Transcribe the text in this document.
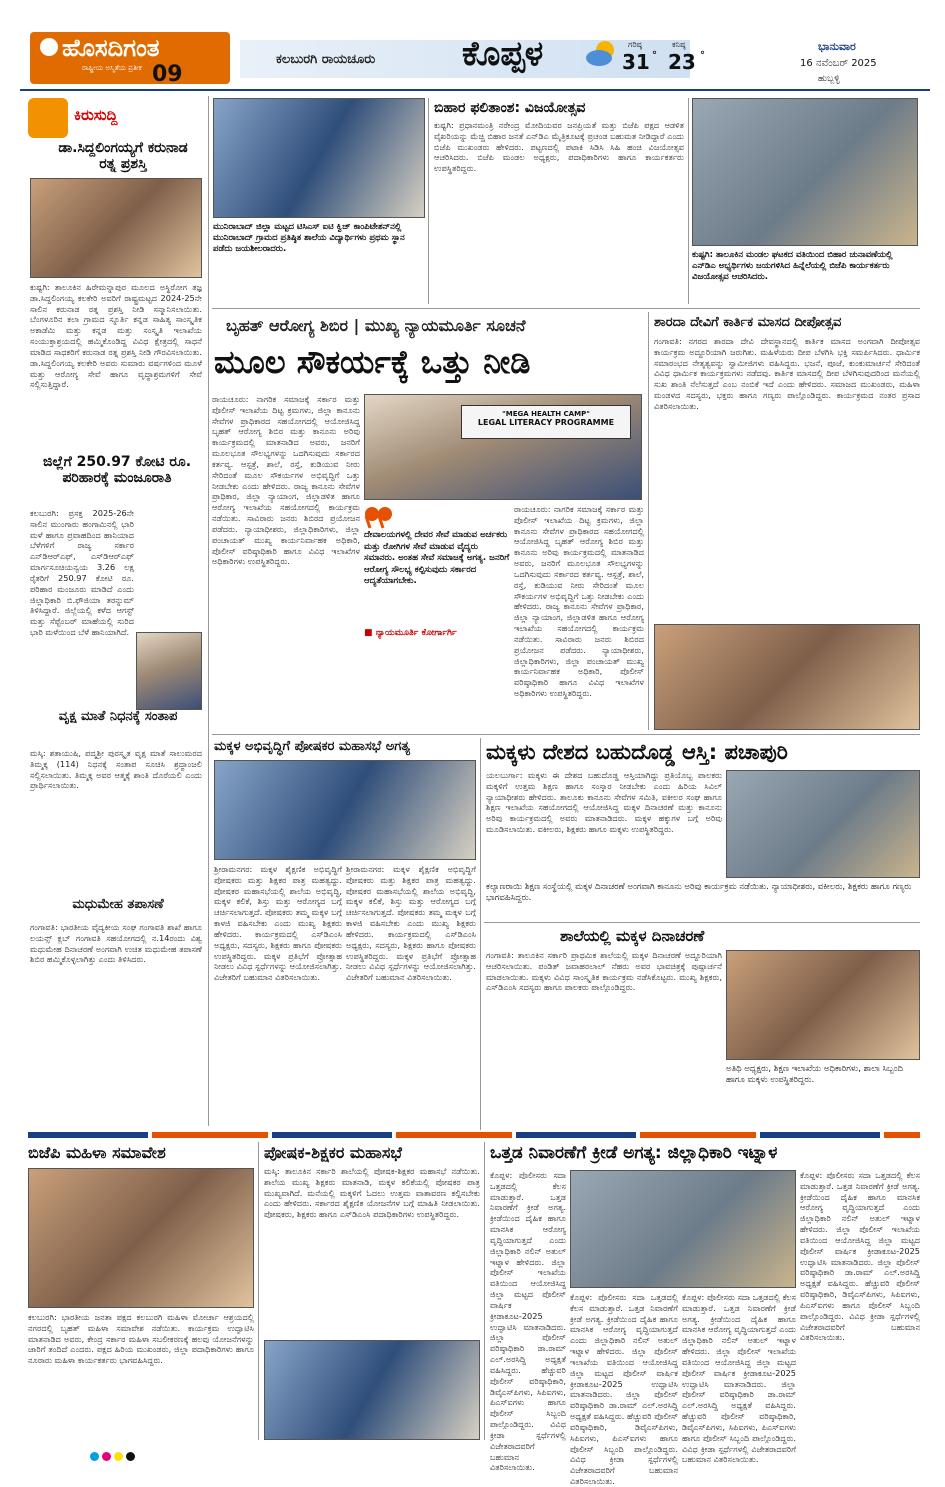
ಹೊಸದಿಗಂತ
ರಾಷ್ಟ್ರೀಯ ಅಸ್ಮಿತೆಯ ಪ್ರತೀಕ 09
ಕಲಬುರಗಿ ರಾಯಚೂರು	ಕೊಪ್ಪಳ	ಗರಿಷ್ಠ
31 °
ಕನಿಷ್ಠ
23 °
ಭಾನುವಾರ
16 ನವೆಂಬರ್ 2025
ಹುಬ್ಬಳ್ಳಿ
ಕಿರುಸುದ್ದಿ
ಡಾ.ಸಿದ್ದಲಿಂಗಯ್ಯಗೆ ಕರುನಾಡ ರತ್ನ ಪ್ರಶಸ್ತಿ
ಕುಷ್ಟಗಿ: ತಾಲೂಕಿನ ಹಿರೇಮನ್ನಾಪುರ ಮೂಲದ ಅಸ್ಥಿರೋಗ ತಜ್ಞ ಡಾ.ಸಿದ್ದಲಿಂಗಯ್ಯ ಕಲಕೇರಿ ಅವರಿಗೆ ರಾಷ್ಟ್ರಮಟ್ಟದ 2024-25ನೇ ಸಾಲಿನ ಕರುನಾಡ ರತ್ನ ಪ್ರಶಸ್ತಿ ನೀಡಿ ಸನ್ಮಾನಿಸಲಾಯಿತು. ಬೆಂಗಳೂರಿನ ಕಲಾ ಗ್ರಾಮದ ಸ್ನೂರ್ತಿ ಕನ್ನಡ ಸಾಹಿತ್ಯ ಸಾಂಸ್ಕೃತಿಕ ಅಕಾಡೆಮಿ ಮತ್ತು ಕನ್ನಡ ಮತ್ತು ಸಂಸ್ಕೃತಿ ಇಲಾಖೆಯ ಸಂಯುಕ್ತಾಶ್ರಯದಲ್ಲಿ ಹಮ್ಮಿಕೊಂಡಿದ್ದ ವಿವಿಧ ಕ್ಷೇತ್ರದಲ್ಲಿ ಸಾಧನೆ ಮಾಡಿದ ಸಾಧಕರಿಗೆ ಕರುನಾಡ ರತ್ನ ಪ್ರಶಸ್ತಿ ನೀಡಿ ಗೌರವಿಸಲಾಯಿತು. ಡಾ.ಸಿದ್ದಲಿಂಗಯ್ಯ ಕಲಕೇರಿ ಅವರು ಸುಮಾರು ವರ್ಷಗಳಿಂದ ಮೂಳೆ ಮತ್ತು ಆರೋಗ್ಯ ಸೇವೆ ಹಾಗೂ ವೃದ್ಧಾಶ್ರಮಗಳಿಗೆ ಸೇವೆ ಸಲ್ಲಿಸುತ್ತಿದ್ದಾರೆ.
ಜಿಲ್ಲೆಗೆ 250.97 ಕೋಟಿ ರೂ. ಪರಿಹಾರಕ್ಕೆ ಮಂಜೂರಾತಿ
ಕಲಬುರಗಿ: ಪ್ರಸಕ್ತ 2025-26ನೇ ಸಾಲಿನ ಮುಂಗಾರು ಹಂಗಾಮಿನಲ್ಲಿ ಭಾರಿ ಮಳೆ ಹಾಗೂ ಪ್ರವಾಹದಿಂದ ಹಾನಿಯಾದ ಬೆಳೆಗಳಿಗೆ ರಾಜ್ಯ ಸರ್ಕಾರ ಎನ್‌ಡಿಆರ್‌ಎಫ್, ಎಸ್‌ಡಿಆರ್‌ಎಫ್ ಮಾರ್ಗಸೂಚಿಯನ್ವಯ 3.26 ಲಕ್ಷ ರೈತರಿಗೆ 250.97 ಕೋಟಿ ರೂ. ಪರಿಹಾರ ಮಂಜೂರು ಮಾಡಿದೆ ಎಂದು ಜಿಲ್ಲಾಧಿಕಾರಿ ಬಿ.ಫೌಜಿಯಾ ತರನ್ನುಮ್ ತಿಳಿಸಿದ್ದಾರೆ. ಜಿಲ್ಲೆಯಲ್ಲಿ ಕಳೆದ ಆಗಸ್ಟ್ ಮತ್ತು ಸೆಪ್ಟೆಂಬರ್ ಮಾಹೆಯಲ್ಲಿ ಸುರಿದ ಭಾರಿ ಮಳೆಯಿಂದ ಬೆಳೆ ಹಾನಿಯಾಗಿದೆ.
ವೃಕ್ಷ ಮಾತೆ ನಿಧನಕ್ಕೆ ಸಂತಾಪ
ಮಸ್ಕಿ: ಶತಾಯುಷಿ, ಪದ್ಮಶ್ರೀ ಪುರಸ್ಕೃತ ವೃಕ್ಷ ಮಾತೆ ಸಾಲುಮರದ ತಿಮ್ಮಕ್ಕ (114) ನಿಧನಕ್ಕೆ ಸಂತಾಪ ಸೂಚಿಸಿ ಶ್ರದ್ಧಾಂಜಲಿ ಸಲ್ಲಿಸಲಾಯಿತು. ತಿಮ್ಮಕ್ಕ ಅವರ ಆತ್ಮಕ್ಕೆ ಶಾಂತಿ ದೊರೆಯಲಿ ಎಂದು ಪ್ರಾರ್ಥಿಸಲಾಯಿತು.
ಮಧುಮೇಹ ತಪಾಸಣೆ
ಗಂಗಾವತಿ: ಭಾರತೀಯ ವೈದ್ಯಕೀಯ ಸಂಘ ಗಂಗಾವತಿ ಶಾಖೆ ಹಾಗೂ ಲಯನ್ಸ್ ಕ್ಲಬ್ ಗಂಗಾವತಿ ಸಹಯೋಗದಲ್ಲಿ ನ.14ರಂದು ವಿಶ್ವ ಮಧುಮೇಹ ದಿನಾಚರಣೆ ಅಂಗವಾಗಿ ಉಚಿತ ಮಧುಮೇಹ ತಪಾಸಣೆ ಶಿಬಿರ ಹಮ್ಮಿಕೊಳ್ಳಲಾಗಿತ್ತು ಎಂದು ತಿಳಿಸಿದರು.
ಮುನಿರಾಬಾದ್ ಜಿಲ್ಲಾ ಮಟ್ಟದ ಟಿಸಿಎಸ್ ಐಟಿ ಕ್ವಿಜ್ ಕಾಂಪಿಟೇಶನ್‌ನಲ್ಲಿ ಮುನಿರಾಬಾದ್ ಗ್ರಾಮದ ಪ್ರತಿಷ್ಠಿತ ಶಾಲೆಯ ವಿದ್ಯಾರ್ಥಿಗಳು ಪ್ರಥಮ ಸ್ಥಾನ ಪಡೆದು ಜಯಶೀಲರಾದರು.
ಬಿಹಾರ ಫಲಿತಾಂಶ: ವಿಜಯೋತ್ಸವ
ಕುಷ್ಟಗಿ: ಪ್ರಧಾನಮಂತ್ರಿ ನರೇಂದ್ರ ಮೋದಿಯವರ ಜನಪ್ರಿಯತೆ ಮತ್ತು ಬಿಜೆಪಿ ಪಕ್ಷದ ಆಡಳಿತ ವೈಖರಿಯನ್ನು ಮೆಚ್ಚಿ ಬಿಹಾರ ಜನತೆ ಎನ್‌ಡಿಎ ಮೈತ್ರಿಕೂಟಕ್ಕೆ ಪ್ರಚಂಡ ಬಹುಮತ ನೀಡಿದ್ದಾರೆ ಎಂದು ಬಿಜೆಪಿ ಮುಖಂಡರು ಹೇಳಿದರು. ಪಟ್ಟಣದಲ್ಲಿ ಪಟಾಕಿ ಸಿಡಿಸಿ ಸಿಹಿ ಹಂಚಿ ವಿಜಯೋತ್ಸವ ಆಚರಿಸಿದರು. ಬಿಜೆಪಿ ಮಂಡಲ ಅಧ್ಯಕ್ಷರು, ಪದಾಧಿಕಾರಿಗಳು ಹಾಗೂ ಕಾರ್ಯಕರ್ತರು ಉಪಸ್ಥಿತರಿದ್ದರು.
ಕುಷ್ಟಗಿ: ತಾಲೂಕಿನ ಮಂಡಲ ಘಟಕದ ವತಿಯಿಂದ ಬಿಹಾರ ಚುನಾವಣೆಯಲ್ಲಿ ಎನ್‌ಡಿಎ ಅಭ್ಯರ್ಥಿಗಳು ಜಯಗಳಿಸಿದ ಹಿನ್ನೆಲೆಯಲ್ಲಿ ಬಿಜೆಪಿ ಕಾರ್ಯಕರ್ತರು ವಿಜಯೋತ್ಸವ ಆಚರಿಸಿದರು.
ಬೃಹತ್ ಆರೋಗ್ಯ ಶಿಬಿರ | ಮುಖ್ಯ ನ್ಯಾಯಮೂರ್ತಿ ಸೂಚನೆ
ಮೂಲ ಸೌಕರ್ಯಕ್ಕೆ ಒತ್ತು ನೀಡಿ
ರಾಯಚೂರು: ನಾಗರಿಕ ಸಮಾಜಕ್ಕೆ ಸರ್ಕಾರ ಮತ್ತು ಪೊಲೀಸ್ ಇಲಾಖೆಯ ದಿಟ್ಟ ಕ್ರಮಗಳು, ಜಿಲ್ಲಾ ಕಾನೂನು ಸೇವೆಗಳ ಪ್ರಾಧಿಕಾರದ ಸಹಯೋಗದಲ್ಲಿ ಆಯೋಜಿಸಿದ್ದ ಬೃಹತ್ ಆರೋಗ್ಯ ಶಿಬಿರ ಮತ್ತು ಕಾನೂನು ಅರಿವು ಕಾರ್ಯಕ್ರಮದಲ್ಲಿ ಮಾತನಾಡಿದ ಅವರು, ಜನರಿಗೆ ಮೂಲಭೂತ ಸೌಲಭ್ಯಗಳನ್ನು ಒದಗಿಸುವುದು ಸರ್ಕಾರದ ಕರ್ತವ್ಯ. ಆಸ್ಪತ್ರೆ, ಶಾಲೆ, ರಸ್ತೆ, ಕುಡಿಯುವ ನೀರು ಸೇರಿದಂತೆ ಮೂಲ ಸೌಕರ್ಯಗಳ ಅಭಿವೃದ್ಧಿಗೆ ಒತ್ತು ನೀಡಬೇಕು ಎಂದು ಹೇಳಿದರು. ರಾಜ್ಯ ಕಾನೂನು ಸೇವೆಗಳ ಪ್ರಾಧಿಕಾರ, ಜಿಲ್ಲಾ ನ್ಯಾಯಾಂಗ, ಜಿಲ್ಲಾಡಳಿತ ಹಾಗೂ ಆರೋಗ್ಯ ಇಲಾಖೆಯ ಸಹಯೋಗದಲ್ಲಿ ಕಾರ್ಯಕ್ರಮ ನಡೆಯಿತು. ಸಾವಿರಾರು ಜನರು ಶಿಬಿರದ ಪ್ರಯೋಜನ ಪಡೆದರು. ನ್ಯಾಯಾಧೀಶರು, ಜಿಲ್ಲಾಧಿಕಾರಿಗಳು, ಜಿಲ್ಲಾ ಪಂಚಾಯತ್ ಮುಖ್ಯ ಕಾರ್ಯನಿರ್ವಾಹಕ ಅಧಿಕಾರಿ, ಪೊಲೀಸ್ ವರಿಷ್ಠಾಧಿಕಾರಿ ಹಾಗೂ ವಿವಿಧ ಇಲಾಖೆಗಳ ಅಧಿಕಾರಿಗಳು ಉಪಸ್ಥಿತರಿದ್ದರು.
"MEGA HEALTH CAMP"
LEGAL LITERACY PROGRAMME
ದೇವಾಲಯಗಳಲ್ಲಿ ದೇವರ ಸೇವೆ ಮಾಡುವ ಅರ್ಚಕರು ಮತ್ತು ರೋಗಿಗಳ ಸೇವೆ ಮಾಡುವ ವೈದ್ಯರು ಸಮಾನರು. ಅಂತಹ ಸೇವೆ ಸಮಾಜಕ್ಕೆ ಅಗತ್ಯ. ಜನರಿಗೆ ಆರೋಗ್ಯ ಸೌಲಭ್ಯ ಕಲ್ಪಿಸುವುದು ಸರ್ಕಾರದ ಆದ್ಯತೆಯಾಗಬೇಕು.
■ ನ್ಯಾಯಮೂರ್ತಿ ಕೋರ್ಗಾರ್ಗಿ
ರಾಯಚೂರು: ನಾಗರಿಕ ಸಮಾಜಕ್ಕೆ ಸರ್ಕಾರ ಮತ್ತು ಪೊಲೀಸ್ ಇಲಾಖೆಯ ದಿಟ್ಟ ಕ್ರಮಗಳು, ಜಿಲ್ಲಾ ಕಾನೂನು ಸೇವೆಗಳ ಪ್ರಾಧಿಕಾರದ ಸಹಯೋಗದಲ್ಲಿ ಆಯೋಜಿಸಿದ್ದ ಬೃಹತ್ ಆರೋಗ್ಯ ಶಿಬಿರ ಮತ್ತು ಕಾನೂನು ಅರಿವು ಕಾರ್ಯಕ್ರಮದಲ್ಲಿ ಮಾತನಾಡಿದ ಅವರು, ಜನರಿಗೆ ಮೂಲಭೂತ ಸೌಲಭ್ಯಗಳನ್ನು ಒದಗಿಸುವುದು ಸರ್ಕಾರದ ಕರ್ತವ್ಯ. ಆಸ್ಪತ್ರೆ, ಶಾಲೆ, ರಸ್ತೆ, ಕುಡಿಯುವ ನೀರು ಸೇರಿದಂತೆ ಮೂಲ ಸೌಕರ್ಯಗಳ ಅಭಿವೃದ್ಧಿಗೆ ಒತ್ತು ನೀಡಬೇಕು ಎಂದು ಹೇಳಿದರು. ರಾಜ್ಯ ಕಾನೂನು ಸೇವೆಗಳ ಪ್ರಾಧಿಕಾರ, ಜಿಲ್ಲಾ ನ್ಯಾಯಾಂಗ, ಜಿಲ್ಲಾಡಳಿತ ಹಾಗೂ ಆರೋಗ್ಯ ಇಲಾಖೆಯ ಸಹಯೋಗದಲ್ಲಿ ಕಾರ್ಯಕ್ರಮ ನಡೆಯಿತು. ಸಾವಿರಾರು ಜನರು ಶಿಬಿರದ ಪ್ರಯೋಜನ ಪಡೆದರು. ನ್ಯಾಯಾಧೀಶರು, ಜಿಲ್ಲಾಧಿಕಾರಿಗಳು, ಜಿಲ್ಲಾ ಪಂಚಾಯತ್ ಮುಖ್ಯ ಕಾರ್ಯನಿರ್ವಾಹಕ ಅಧಿಕಾರಿ, ಪೊಲೀಸ್ ವರಿಷ್ಠಾಧಿಕಾರಿ ಹಾಗೂ ವಿವಿಧ ಇಲಾಖೆಗಳ ಅಧಿಕಾರಿಗಳು ಉಪಸ್ಥಿತರಿದ್ದರು.
ಶಾರದಾ ದೇವಿಗೆ ಕಾರ್ತಿಕ ಮಾಸದ ದೀಪೋತ್ಸವ
ಗಂಗಾವತಿ: ನಗರದ ಶಾರದಾ ದೇವಿ ದೇವಸ್ಥಾನದಲ್ಲಿ ಕಾರ್ತಿಕ ಮಾಸದ ಅಂಗವಾಗಿ ದೀಪೋತ್ಸವ ಕಾರ್ಯಕ್ರಮ ಅದ್ದೂರಿಯಾಗಿ ಜರುಗಿತು. ಮಹಿಳೆಯರು ದೀಪ ಬೆಳಗಿಸಿ ಭಕ್ತಿ ಸಮರ್ಪಿಸಿದರು. ಧಾರ್ಮಿಕ ಸಮಾರಂಭದ ನೇತೃತ್ವವನ್ನು ಸ್ವಾಮೀಜಿಗಳು ವಹಿಸಿದ್ದರು. ಭಜನೆ, ಪೂಜೆ, ಕುಂಕುಮಾರ್ಚನೆ ಸೇರಿದಂತೆ ವಿವಿಧ ಧಾರ್ಮಿಕ ಕಾರ್ಯಕ್ರಮಗಳು ನಡೆದವು. ಕಾರ್ತಿಕ ಮಾಸದಲ್ಲಿ ದೀಪ ಬೆಳಗಿಸುವುದರಿಂದ ಮನೆಯಲ್ಲಿ ಸುಖ ಶಾಂತಿ ನೆಲೆಸುತ್ತದೆ ಎಂಬ ನಂಬಿಕೆ ಇದೆ ಎಂದು ಹೇಳಿದರು. ಸಮಾಜದ ಮುಖಂಡರು, ಮಹಿಳಾ ಮಂಡಳದ ಸದಸ್ಯರು, ಭಕ್ತರು ಹಾಗೂ ಗಣ್ಯರು ಪಾಲ್ಗೊಂಡಿದ್ದರು. ಕಾರ್ಯಕ್ರಮದ ನಂತರ ಪ್ರಸಾದ ವಿತರಿಸಲಾಯಿತು.
ಮಕ್ಕಳ ಅಭಿವೃದ್ಧಿಗೆ ಪೋಷಕರ ಮಹಾಸಭೆ ಅಗತ್ಯ
ಶ್ರೀರಾಮನಗರ: ಮಕ್ಕಳ ಶೈಕ್ಷಣಿಕ ಅಭಿವೃದ್ಧಿಗೆ ಪೋಷಕರು ಮತ್ತು ಶಿಕ್ಷಕರ ಪಾತ್ರ ಮಹತ್ವದ್ದು. ಪೋಷಕರ ಮಹಾಸಭೆಯಲ್ಲಿ ಶಾಲೆಯ ಅಭಿವೃದ್ಧಿ, ಮಕ್ಕಳ ಕಲಿಕೆ, ಶಿಸ್ತು ಮತ್ತು ಆರೋಗ್ಯದ ಬಗ್ಗೆ ಚರ್ಚಿಸಲಾಗುತ್ತದೆ. ಪೋಷಕರು ತಮ್ಮ ಮಕ್ಕಳ ಬಗ್ಗೆ ಕಾಳಜಿ ವಹಿಸಬೇಕು ಎಂದು ಮುಖ್ಯ ಶಿಕ್ಷಕರು ಹೇಳಿದರು. ಕಾರ್ಯಕ್ರಮದಲ್ಲಿ ಎಸ್‌ಡಿಎಂಸಿ ಅಧ್ಯಕ್ಷರು, ಸದಸ್ಯರು, ಶಿಕ್ಷಕರು ಹಾಗೂ ಪೋಷಕರು ಉಪಸ್ಥಿತರಿದ್ದರು. ಮಕ್ಕಳ ಪ್ರತಿಭೆಗೆ ಪ್ರೋತ್ಸಾಹ ನೀಡಲು ವಿವಿಧ ಸ್ಪರ್ಧೆಗಳನ್ನು ಆಯೋಜಿಸಲಾಗಿತ್ತು. ವಿಜೇತರಿಗೆ ಬಹುಮಾನ ವಿತರಿಸಲಾಯಿತು.
ಶ್ರೀರಾಮನಗರ: ಮಕ್ಕಳ ಶೈಕ್ಷಣಿಕ ಅಭಿವೃದ್ಧಿಗೆ ಪೋಷಕರು ಮತ್ತು ಶಿಕ್ಷಕರ ಪಾತ್ರ ಮಹತ್ವದ್ದು. ಪೋಷಕರ ಮಹಾಸಭೆಯಲ್ಲಿ ಶಾಲೆಯ ಅಭಿವೃದ್ಧಿ, ಮಕ್ಕಳ ಕಲಿಕೆ, ಶಿಸ್ತು ಮತ್ತು ಆರೋಗ್ಯದ ಬಗ್ಗೆ ಚರ್ಚಿಸಲಾಗುತ್ತದೆ. ಪೋಷಕರು ತಮ್ಮ ಮಕ್ಕಳ ಬಗ್ಗೆ ಕಾಳಜಿ ವಹಿಸಬೇಕು ಎಂದು ಮುಖ್ಯ ಶಿಕ್ಷಕರು ಹೇಳಿದರು. ಕಾರ್ಯಕ್ರಮದಲ್ಲಿ ಎಸ್‌ಡಿಎಂಸಿ ಅಧ್ಯಕ್ಷರು, ಸದಸ್ಯರು, ಶಿಕ್ಷಕರು ಹಾಗೂ ಪೋಷಕರು ಉಪಸ್ಥಿತರಿದ್ದರು. ಮಕ್ಕಳ ಪ್ರತಿಭೆಗೆ ಪ್ರೋತ್ಸಾಹ ನೀಡಲು ವಿವಿಧ ಸ್ಪರ್ಧೆಗಳನ್ನು ಆಯೋಜಿಸಲಾಗಿತ್ತು. ವಿಜೇತರಿಗೆ ಬಹುಮಾನ ವಿತರಿಸಲಾಯಿತು.
ಮಕ್ಕಳು ದೇಶದ ಬಹುದೊಡ್ಡ ಆಸ್ತಿ: ಪಚಾಪುರಿ
ಯಲಬುರ್ಗಾ: ಮಕ್ಕಳು ಈ ದೇಶದ ಬಹುದೊಡ್ಡ ಆಸ್ತಿಯಾಗಿದ್ದು ಪ್ರತಿಯೊಬ್ಬ ಪಾಲಕರು ಮಕ್ಕಳಿಗೆ ಉತ್ತಮ ಶಿಕ್ಷಣ ಹಾಗೂ ಸಂಸ್ಕಾರ ನೀಡಬೇಕು ಎಂದು ಹಿರಿಯ ಸಿವಿಲ್ ನ್ಯಾಯಾಧೀಶರು ಹೇಳಿದರು. ತಾಲೂಕು ಕಾನೂನು ಸೇವೆಗಳ ಸಮಿತಿ, ವಕೀಲರ ಸಂಘ ಹಾಗೂ ಶಿಕ್ಷಣ ಇಲಾಖೆಯ ಸಹಯೋಗದಲ್ಲಿ ಆಯೋಜಿಸಿದ್ದ ಮಕ್ಕಳ ದಿನಾಚರಣೆ ಮತ್ತು ಕಾನೂನು ಅರಿವು ಕಾರ್ಯಕ್ರಮದಲ್ಲಿ ಅವರು ಮಾತನಾಡಿದರು. ಮಕ್ಕಳ ಹಕ್ಕುಗಳ ಬಗ್ಗೆ ಅರಿವು ಮೂಡಿಸಲಾಯಿತು. ವಕೀಲರು, ಶಿಕ್ಷಕರು ಹಾಗೂ ಮಕ್ಕಳು ಉಪಸ್ಥಿತರಿದ್ದರು.
ಕಲ್ಯಾಣರಾಯಿ ಶಿಕ್ಷಣ ಸಂಸ್ಥೆಯಲ್ಲಿ ಮಕ್ಕಳ ದಿನಾಚರಣೆ ಅಂಗವಾಗಿ ಕಾನೂನು ಅರಿವು ಕಾರ್ಯಕ್ರಮ ನಡೆಯಿತು. ನ್ಯಾಯಾಧೀಶರು, ವಕೀಲರು, ಶಿಕ್ಷಕರು ಹಾಗೂ ಗಣ್ಯರು ಭಾಗವಹಿಸಿದ್ದರು.
ಶಾಲೆಯಲ್ಲಿ ಮಕ್ಕಳ ದಿನಾಚರಣೆ
ಗಂಗಾವತಿ: ತಾಲೂಕಿನ ಸರ್ಕಾರಿ ಪ್ರಾಥಮಿಕ ಶಾಲೆಯಲ್ಲಿ ಮಕ್ಕಳ ದಿನಾಚರಣೆ ಅದ್ದೂರಿಯಾಗಿ ಆಚರಿಸಲಾಯಿತು. ಪಂಡಿತ್ ಜವಾಹರಲಾಲ್ ನೆಹರು ಅವರ ಭಾವಚಿತ್ರಕ್ಕೆ ಪುಷ್ಪಾರ್ಚನೆ ಮಾಡಲಾಯಿತು. ಮಕ್ಕಳು ವಿವಿಧ ಸಾಂಸ್ಕೃತಿಕ ಕಾರ್ಯಕ್ರಮ ನಡೆಸಿಕೊಟ್ಟರು. ಮುಖ್ಯ ಶಿಕ್ಷಕರು, ಎಸ್‌ಡಿಎಂಸಿ ಸದಸ್ಯರು ಹಾಗೂ ಪಾಲಕರು ಪಾಲ್ಗೊಂಡಿದ್ದರು.
ಅತಿಥಿ ಅಧ್ಯಕ್ಷರು, ಶಿಕ್ಷಣ ಇಲಾಖೆಯ ಅಧಿಕಾರಿಗಳು, ಶಾಲಾ ಸಿಬ್ಬಂದಿ ಹಾಗೂ ಮಕ್ಕಳು ಉಪಸ್ಥಿತರಿದ್ದರು.
ಬಿಜೆಪಿ ಮಹಿಳಾ ಸಮಾವೇಶ
ಕಲಬುರಗಿ: ಭಾರತೀಯ ಜನತಾ ಪಕ್ಷದ ಕಲಬುರಗಿ ಮಹಿಳಾ ಮೋರ್ಚಾ ಆಶ್ರಯದಲ್ಲಿ ನಗರದಲ್ಲಿ ಬೃಹತ್ ಮಹಿಳಾ ಸಮಾವೇಶ ನಡೆಯಿತು. ಕಾರ್ಯಕ್ರಮ ಉದ್ಘಾಟಿಸಿ ಮಾತನಾಡಿದ ಅವರು, ಕೇಂದ್ರ ಸರ್ಕಾರ ಮಹಿಳಾ ಸಬಲೀಕರಣಕ್ಕೆ ಹಲವು ಯೋಜನೆಗಳನ್ನು ಜಾರಿಗೆ ತಂದಿದೆ ಎಂದರು. ಪಕ್ಷದ ಹಿರಿಯ ಮುಖಂಡರು, ಜಿಲ್ಲಾ ಪದಾಧಿಕಾರಿಗಳು ಹಾಗೂ ನೂರಾರು ಮಹಿಳಾ ಕಾರ್ಯಕರ್ತರು ಭಾಗವಹಿಸಿದ್ದರು.
ಪೋಷಕ-ಶಿಕ್ಷಕರ ಮಹಾಸಭೆ
ಮಸ್ಕಿ: ತಾಲೂಕಿನ ಸರ್ಕಾರಿ ಶಾಲೆಯಲ್ಲಿ ಪೋಷಕ-ಶಿಕ್ಷಕರ ಮಹಾಸಭೆ ನಡೆಯಿತು. ಶಾಲೆಯ ಮುಖ್ಯ ಶಿಕ್ಷಕರು ಮಾತನಾಡಿ, ಮಕ್ಕಳ ಕಲಿಕೆಯಲ್ಲಿ ಪೋಷಕರ ಪಾತ್ರ ಮುಖ್ಯವಾಗಿದೆ. ಮನೆಯಲ್ಲಿ ಮಕ್ಕಳಿಗೆ ಓದಲು ಉತ್ತಮ ವಾತಾವರಣ ಕಲ್ಪಿಸಬೇಕು ಎಂದು ಹೇಳಿದರು. ಸರ್ಕಾರದ ಶೈಕ್ಷಣಿಕ ಯೋಜನೆಗಳ ಬಗ್ಗೆ ಮಾಹಿತಿ ನೀಡಲಾಯಿತು. ಪೋಷಕರು, ಶಿಕ್ಷಕರು ಹಾಗೂ ಎಸ್‌ಡಿಎಂಸಿ ಪದಾಧಿಕಾರಿಗಳು ಉಪಸ್ಥಿತರಿದ್ದರು.
ಒತ್ತಡ ನಿವಾರಣೆಗೆ ಕ್ರೀಡೆ ಅಗತ್ಯ: ಜಿಲ್ಲಾಧಿಕಾರಿ ಇಟ್ನಾಳ
ಕೊಪ್ಪಳ: ಪೊಲೀಸರು ಸದಾ ಒತ್ತಡದಲ್ಲಿ ಕೆಲಸ ಮಾಡುತ್ತಾರೆ. ಒತ್ತಡ ನಿವಾರಣೆಗೆ ಕ್ರೀಡೆ ಅಗತ್ಯ. ಕ್ರೀಡೆಯಿಂದ ದೈಹಿಕ ಹಾಗೂ ಮಾನಸಿಕ ಆರೋಗ್ಯ ವೃದ್ಧಿಯಾಗುತ್ತದೆ ಎಂದು ಜಿಲ್ಲಾಧಿಕಾರಿ ನಲಿನ್ ಅತುಲ್ ಇಟ್ನಾಳ ಹೇಳಿದರು. ಜಿಲ್ಲಾ ಪೊಲೀಸ್ ಇಲಾಖೆಯ ವತಿಯಿಂದ ಆಯೋಜಿಸಿದ್ದ ಜಿಲ್ಲಾ ಮಟ್ಟದ ಪೊಲೀಸ್ ವಾರ್ಷಿಕ ಕ್ರೀಡಾಕೂಟ-2025 ಉದ್ಘಾಟಿಸಿ ಮಾತನಾಡಿದರು. ಜಿಲ್ಲಾ ಪೊಲೀಸ್ ವರಿಷ್ಠಾಧಿಕಾರಿ ಡಾ.ರಾಮ್ ಎಲ್.ಅರಸಿದ್ದಿ ಅಧ್ಯಕ್ಷತೆ ವಹಿಸಿದ್ದರು. ಹೆಚ್ಚುವರಿ ಪೊಲೀಸ್ ವರಿಷ್ಠಾಧಿಕಾರಿ, ಡಿವೈಎಸ್‌ಪಿಗಳು, ಸಿಪಿಐಗಳು, ಪಿಎಸ್‌ಐಗಳು ಹಾಗೂ ಪೊಲೀಸ್ ಸಿಬ್ಬಂದಿ ಪಾಲ್ಗೊಂಡಿದ್ದರು. ವಿವಿಧ ಕ್ರೀಡಾ ಸ್ಪರ್ಧೆಗಳಲ್ಲಿ ವಿಜೇತರಾದವರಿಗೆ ಬಹುಮಾನ ವಿತರಿಸಲಾಯಿತು.
ಕೊಪ್ಪಳ: ಪೊಲೀಸರು ಸದಾ ಒತ್ತಡದಲ್ಲಿ ಕೆಲಸ ಮಾಡುತ್ತಾರೆ. ಒತ್ತಡ ನಿವಾರಣೆಗೆ ಕ್ರೀಡೆ ಅಗತ್ಯ. ಕ್ರೀಡೆಯಿಂದ ದೈಹಿಕ ಹಾಗೂ ಮಾನಸಿಕ ಆರೋಗ್ಯ ವೃದ್ಧಿಯಾಗುತ್ತದೆ ಎಂದು ಜಿಲ್ಲಾಧಿಕಾರಿ ನಲಿನ್ ಅತುಲ್ ಇಟ್ನಾಳ ಹೇಳಿದರು. ಜಿಲ್ಲಾ ಪೊಲೀಸ್ ಇಲಾಖೆಯ ವತಿಯಿಂದ ಆಯೋಜಿಸಿದ್ದ ಜಿಲ್ಲಾ ಮಟ್ಟದ ಪೊಲೀಸ್ ವಾರ್ಷಿಕ ಕ್ರೀಡಾಕೂಟ-2025 ಉದ್ಘಾಟಿಸಿ ಮಾತನಾಡಿದರು. ಜಿಲ್ಲಾ ಪೊಲೀಸ್ ವರಿಷ್ಠಾಧಿಕಾರಿ ಡಾ.ರಾಮ್ ಎಲ್.ಅರಸಿದ್ದಿ ಅಧ್ಯಕ್ಷತೆ ವಹಿಸಿದ್ದರು. ಹೆಚ್ಚುವರಿ ಪೊಲೀಸ್ ವರಿಷ್ಠಾಧಿಕಾರಿ, ಡಿವೈಎಸ್‌ಪಿಗಳು, ಸಿಪಿಐಗಳು, ಪಿಎಸ್‌ಐಗಳು ಹಾಗೂ ಪೊಲೀಸ್ ಸಿಬ್ಬಂದಿ ಪಾಲ್ಗೊಂಡಿದ್ದರು. ವಿವಿಧ ಕ್ರೀಡಾ ಸ್ಪರ್ಧೆಗಳಲ್ಲಿ ವಿಜೇತರಾದವರಿಗೆ ಬಹುಮಾನ ವಿತರಿಸಲಾಯಿತು.
ಕೊಪ್ಪಳ: ಪೊಲೀಸರು ಸದಾ ಒತ್ತಡದಲ್ಲಿ ಕೆಲಸ ಮಾಡುತ್ತಾರೆ. ಒತ್ತಡ ನಿವಾರಣೆಗೆ ಕ್ರೀಡೆ ಅಗತ್ಯ. ಕ್ರೀಡೆಯಿಂದ ದೈಹಿಕ ಹಾಗೂ ಮಾನಸಿಕ ಆರೋಗ್ಯ ವೃದ್ಧಿಯಾಗುತ್ತದೆ ಎಂದು ಜಿಲ್ಲಾಧಿಕಾರಿ ನಲಿನ್ ಅತುಲ್ ಇಟ್ನಾಳ ಹೇಳಿದರು. ಜಿಲ್ಲಾ ಪೊಲೀಸ್ ಇಲಾಖೆಯ ವತಿಯಿಂದ ಆಯೋಜಿಸಿದ್ದ ಜಿಲ್ಲಾ ಮಟ್ಟದ ಪೊಲೀಸ್ ವಾರ್ಷಿಕ ಕ್ರೀಡಾಕೂಟ-2025 ಉದ್ಘಾಟಿಸಿ ಮಾತನಾಡಿದರು. ಜಿಲ್ಲಾ ಪೊಲೀಸ್ ವರಿಷ್ಠಾಧಿಕಾರಿ ಡಾ.ರಾಮ್ ಎಲ್.ಅರಸಿದ್ದಿ ಅಧ್ಯಕ್ಷತೆ ವಹಿಸಿದ್ದರು. ಹೆಚ್ಚುವರಿ ಪೊಲೀಸ್ ವರಿಷ್ಠಾಧಿಕಾರಿ, ಡಿವೈಎಸ್‌ಪಿಗಳು, ಸಿಪಿಐಗಳು, ಪಿಎಸ್‌ಐಗಳು ಹಾಗೂ ಪೊಲೀಸ್ ಸಿಬ್ಬಂದಿ ಪಾಲ್ಗೊಂಡಿದ್ದರು. ವಿವಿಧ ಕ್ರೀಡಾ ಸ್ಪರ್ಧೆಗಳಲ್ಲಿ ವಿಜೇತರಾದವರಿಗೆ ಬಹುಮಾನ ವಿತರಿಸಲಾಯಿತು.
ಕೊಪ್ಪಳ: ಪೊಲೀಸರು ಸದಾ ಒತ್ತಡದಲ್ಲಿ ಕೆಲಸ ಮಾಡುತ್ತಾರೆ. ಒತ್ತಡ ನಿವಾರಣೆಗೆ ಕ್ರೀಡೆ ಅಗತ್ಯ. ಕ್ರೀಡೆಯಿಂದ ದೈಹಿಕ ಹಾಗೂ ಮಾನಸಿಕ ಆರೋಗ್ಯ ವೃದ್ಧಿಯಾಗುತ್ತದೆ ಎಂದು ಜಿಲ್ಲಾಧಿಕಾರಿ ನಲಿನ್ ಅತುಲ್ ಇಟ್ನಾಳ ಹೇಳಿದರು. ಜಿಲ್ಲಾ ಪೊಲೀಸ್ ಇಲಾಖೆಯ ವತಿಯಿಂದ ಆಯೋಜಿಸಿದ್ದ ಜಿಲ್ಲಾ ಮಟ್ಟದ ಪೊಲೀಸ್ ವಾರ್ಷಿಕ ಕ್ರೀಡಾಕೂಟ-2025 ಉದ್ಘಾಟಿಸಿ ಮಾತನಾಡಿದರು. ಜಿಲ್ಲಾ ಪೊಲೀಸ್ ವರಿಷ್ಠಾಧಿಕಾರಿ ಡಾ.ರಾಮ್ ಎಲ್.ಅರಸಿದ್ದಿ ಅಧ್ಯಕ್ಷತೆ ವಹಿಸಿದ್ದರು. ಹೆಚ್ಚುವರಿ ಪೊಲೀಸ್ ವರಿಷ್ಠಾಧಿಕಾರಿ, ಡಿವೈಎಸ್‌ಪಿಗಳು, ಸಿಪಿಐಗಳು, ಪಿಎಸ್‌ಐಗಳು ಹಾಗೂ ಪೊಲೀಸ್ ಸಿಬ್ಬಂದಿ ಪಾಲ್ಗೊಂಡಿದ್ದರು. ವಿವಿಧ ಕ್ರೀಡಾ ಸ್ಪರ್ಧೆಗಳಲ್ಲಿ ವಿಜೇತರಾದವರಿಗೆ ಬಹುಮಾನ ವಿತರಿಸಲಾಯಿತು.
